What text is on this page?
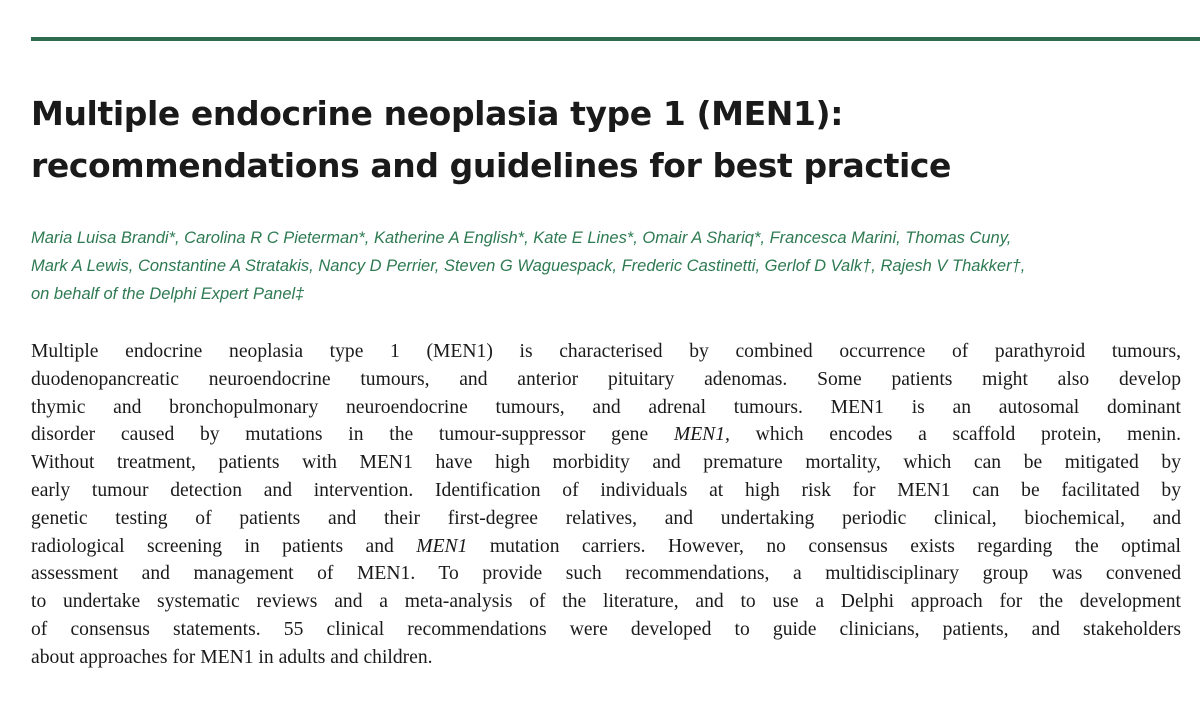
Multiple endocrine neoplasia type 1 (MEN1):
recommendations and guidelines for best practice

Maria Luisa Brandi*, Carolina R C Pieterman*, Katherine A English*, Kate E Lines*, Omair A Shariq*, Francesca Marini, Thomas Cuny,
Mark A Lewis, Constantine A Stratakis, Nancy D Perrier, Steven G Waguespack, Frederic Castinetti, Gerlof D Valk†, Rajesh V Thakker†,
on behalf of the Delphi Expert Panel‡

Multiple endocrine neoplasia type 1 (MEN1) is characterised by combined occurrence of parathyroid tumours,
duodenopancreatic neuroendocrine tumours, and anterior pituitary adenomas. Some patients might also develop
thymic and bronchopulmonary neuroendocrine tumours, and adrenal tumours. MEN1 is an autosomal dominant
disorder caused by mutations in the tumour-suppressor gene MEN1, which encodes a scaffold protein, menin.
Without treatment, patients with MEN1 have high morbidity and premature mortality, which can be mitigated by
early tumour detection and intervention. Identification of individuals at high risk for MEN1 can be facilitated by
genetic testing of patients and their first-degree relatives, and undertaking periodic clinical, biochemical, and
radiological screening in patients and MEN1 mutation carriers. However, no consensus exists regarding the optimal
assessment and management of MEN1. To provide such recommendations, a multidisciplinary group was convened
to undertake systematic reviews and a meta-analysis of the literature, and to use a Delphi approach for the development
of consensus statements. 55 clinical recommendations were developed to guide clinicians, patients, and stakeholders
about approaches for MEN1 in adults and children.
